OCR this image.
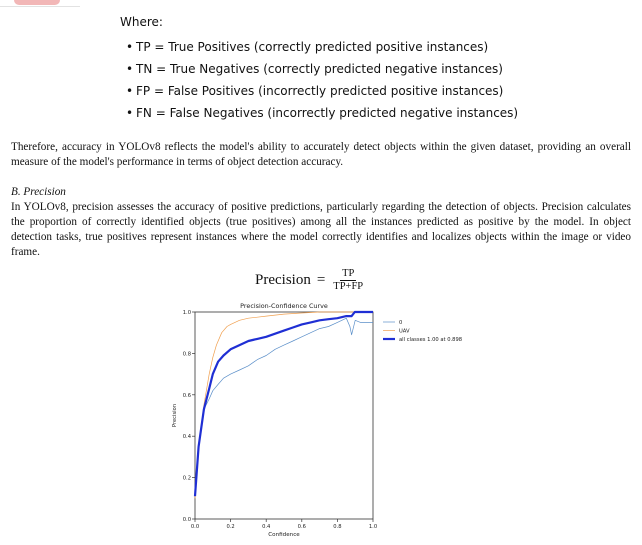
Where:
• TP = True Positives (correctly predicted positive instances)
• TN = True Negatives (correctly predicted negative instances)
• FP = False Positives (incorrectly predicted positive instances)
• FN = False Negatives (incorrectly predicted negative instances)
Therefore, accuracy in YOLOv8 reflects the model's ability to accurately detect objects within the given dataset, providing an overall measure of the model's performance in terms of object detection accuracy.
B. Precision
In YOLOv8, precision assesses the accuracy of positive predictions, particularly regarding the detection of objects. Precision calculates the proportion of correctly identified objects (true positives) among all the instances predicted as positive by the model. In object detection tasks, true positives represent instances where the model correctly identifies and localizes objects within the image or video frame.
Precision = $\frac{TP}{TP+FP}$
0.0	0.2	0.4	0.6	0.8	1.0
0.0
0.2
0.4
0.6
0.8
1.0
Precision-Confidence Curve
Confidence
Precision
0
UAV
all classes 1.00 at 0.898
